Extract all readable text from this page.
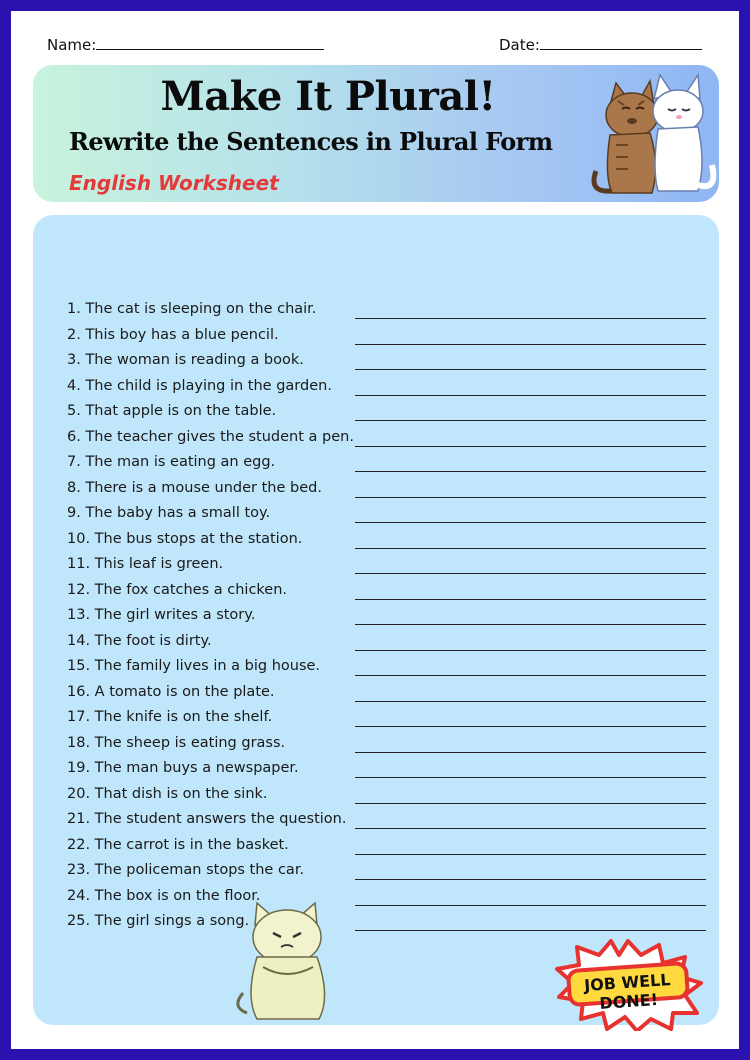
Name:	Date:
Make It Plural!
Rewrite the Sentences in Plural Form
English Worksheet
1. The cat is sleeping on the chair.
2. This boy has a blue pencil.
3. The woman is reading a book.
4. The child is playing in the garden.
5. That apple is on the table.
6. The teacher gives the student a pen.
7. The man is eating an egg.
8. There is a mouse under the bed.
9. The baby has a small toy.
10. The bus stops at the station.
11. This leaf is green.
12. The fox catches a chicken.
13. The girl writes a story.
14. The foot is dirty.
15. The family lives in a big house.
16. A tomato is on the plate.
17. The knife is on the shelf.
18. The sheep is eating grass.
19. The man buys a newspaper.
20. That dish is on the sink.
21. The student answers the question.
22. The carrot is in the basket.
23. The policeman stops the car.
24. The box is on the floor.
25. The girl sings a song.
JOB WELL DONE!
